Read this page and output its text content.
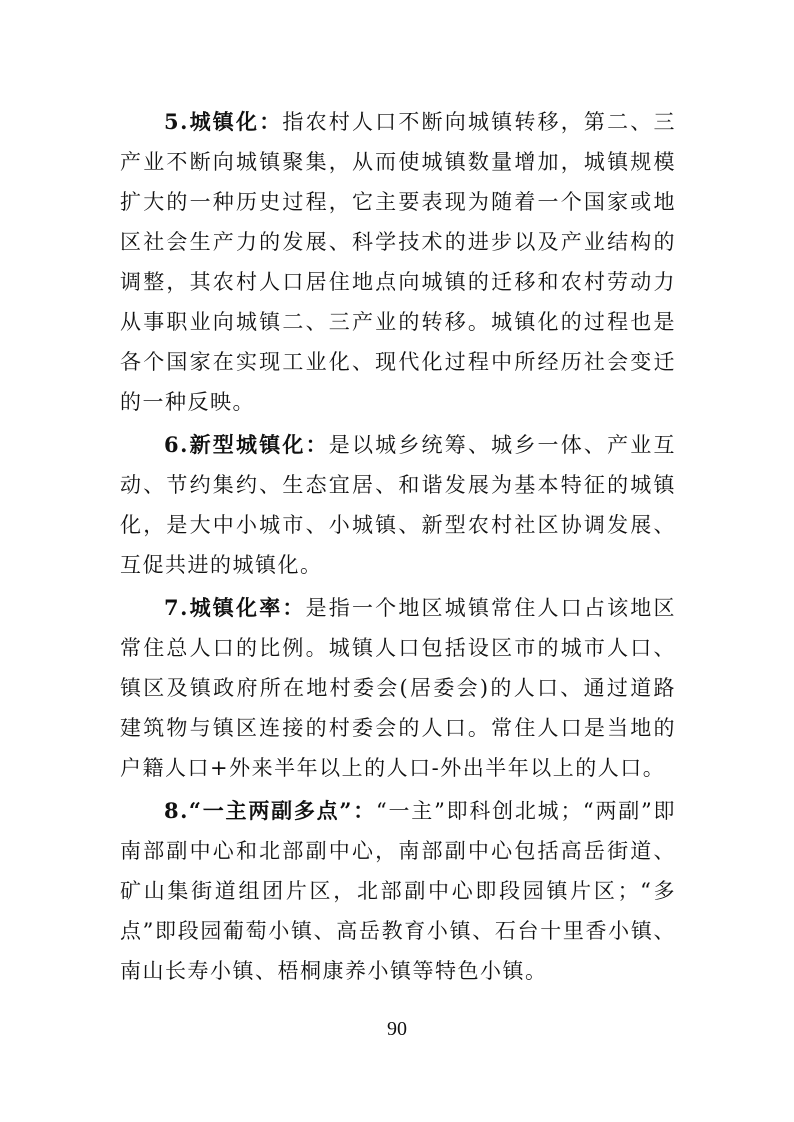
5.城镇化：指农村人口不断向城镇转移，第二、三产业不断向城镇聚集，从而使城镇数量增加，城镇规模扩大的一种历史过程，它主要表现为随着一个国家或地区社会生产力的发展、科学技术的进步以及产业结构的调整，其农村人口居住地点向城镇的迁移和农村劳动力从事职业向城镇二、三产业的转移。城镇化的过程也是各个国家在实现工业化、现代化过程中所经历社会变迁的一种反映。

6.新型城镇化：是以城乡统筹、城乡一体、产业互动、节约集约、生态宜居、和谐发展为基本特征的城镇化，是大中小城市、小城镇、新型农村社区协调发展、互促共进的城镇化。

7.城镇化率：是指一个地区城镇常住人口占该地区常住总人口的比例。城镇人口包括设区市的城市人口、镇区及镇政府所在地村委会(居委会)的人口、通过道路建筑物与镇区连接的村委会的人口。常住人口是当地的户籍人口+外来半年以上的人口-外出半年以上的人口。

8.“一主两副多点”：“一主”即科创北城；“两副”即南部副中心和北部副中心，南部副中心包括高岳街道、矿山集街道组团片区，北部副中心即段园镇片区；“多点”即段园葡萄小镇、高岳教育小镇、石台十里香小镇、南山长寿小镇、梧桐康养小镇等特色小镇。

90
